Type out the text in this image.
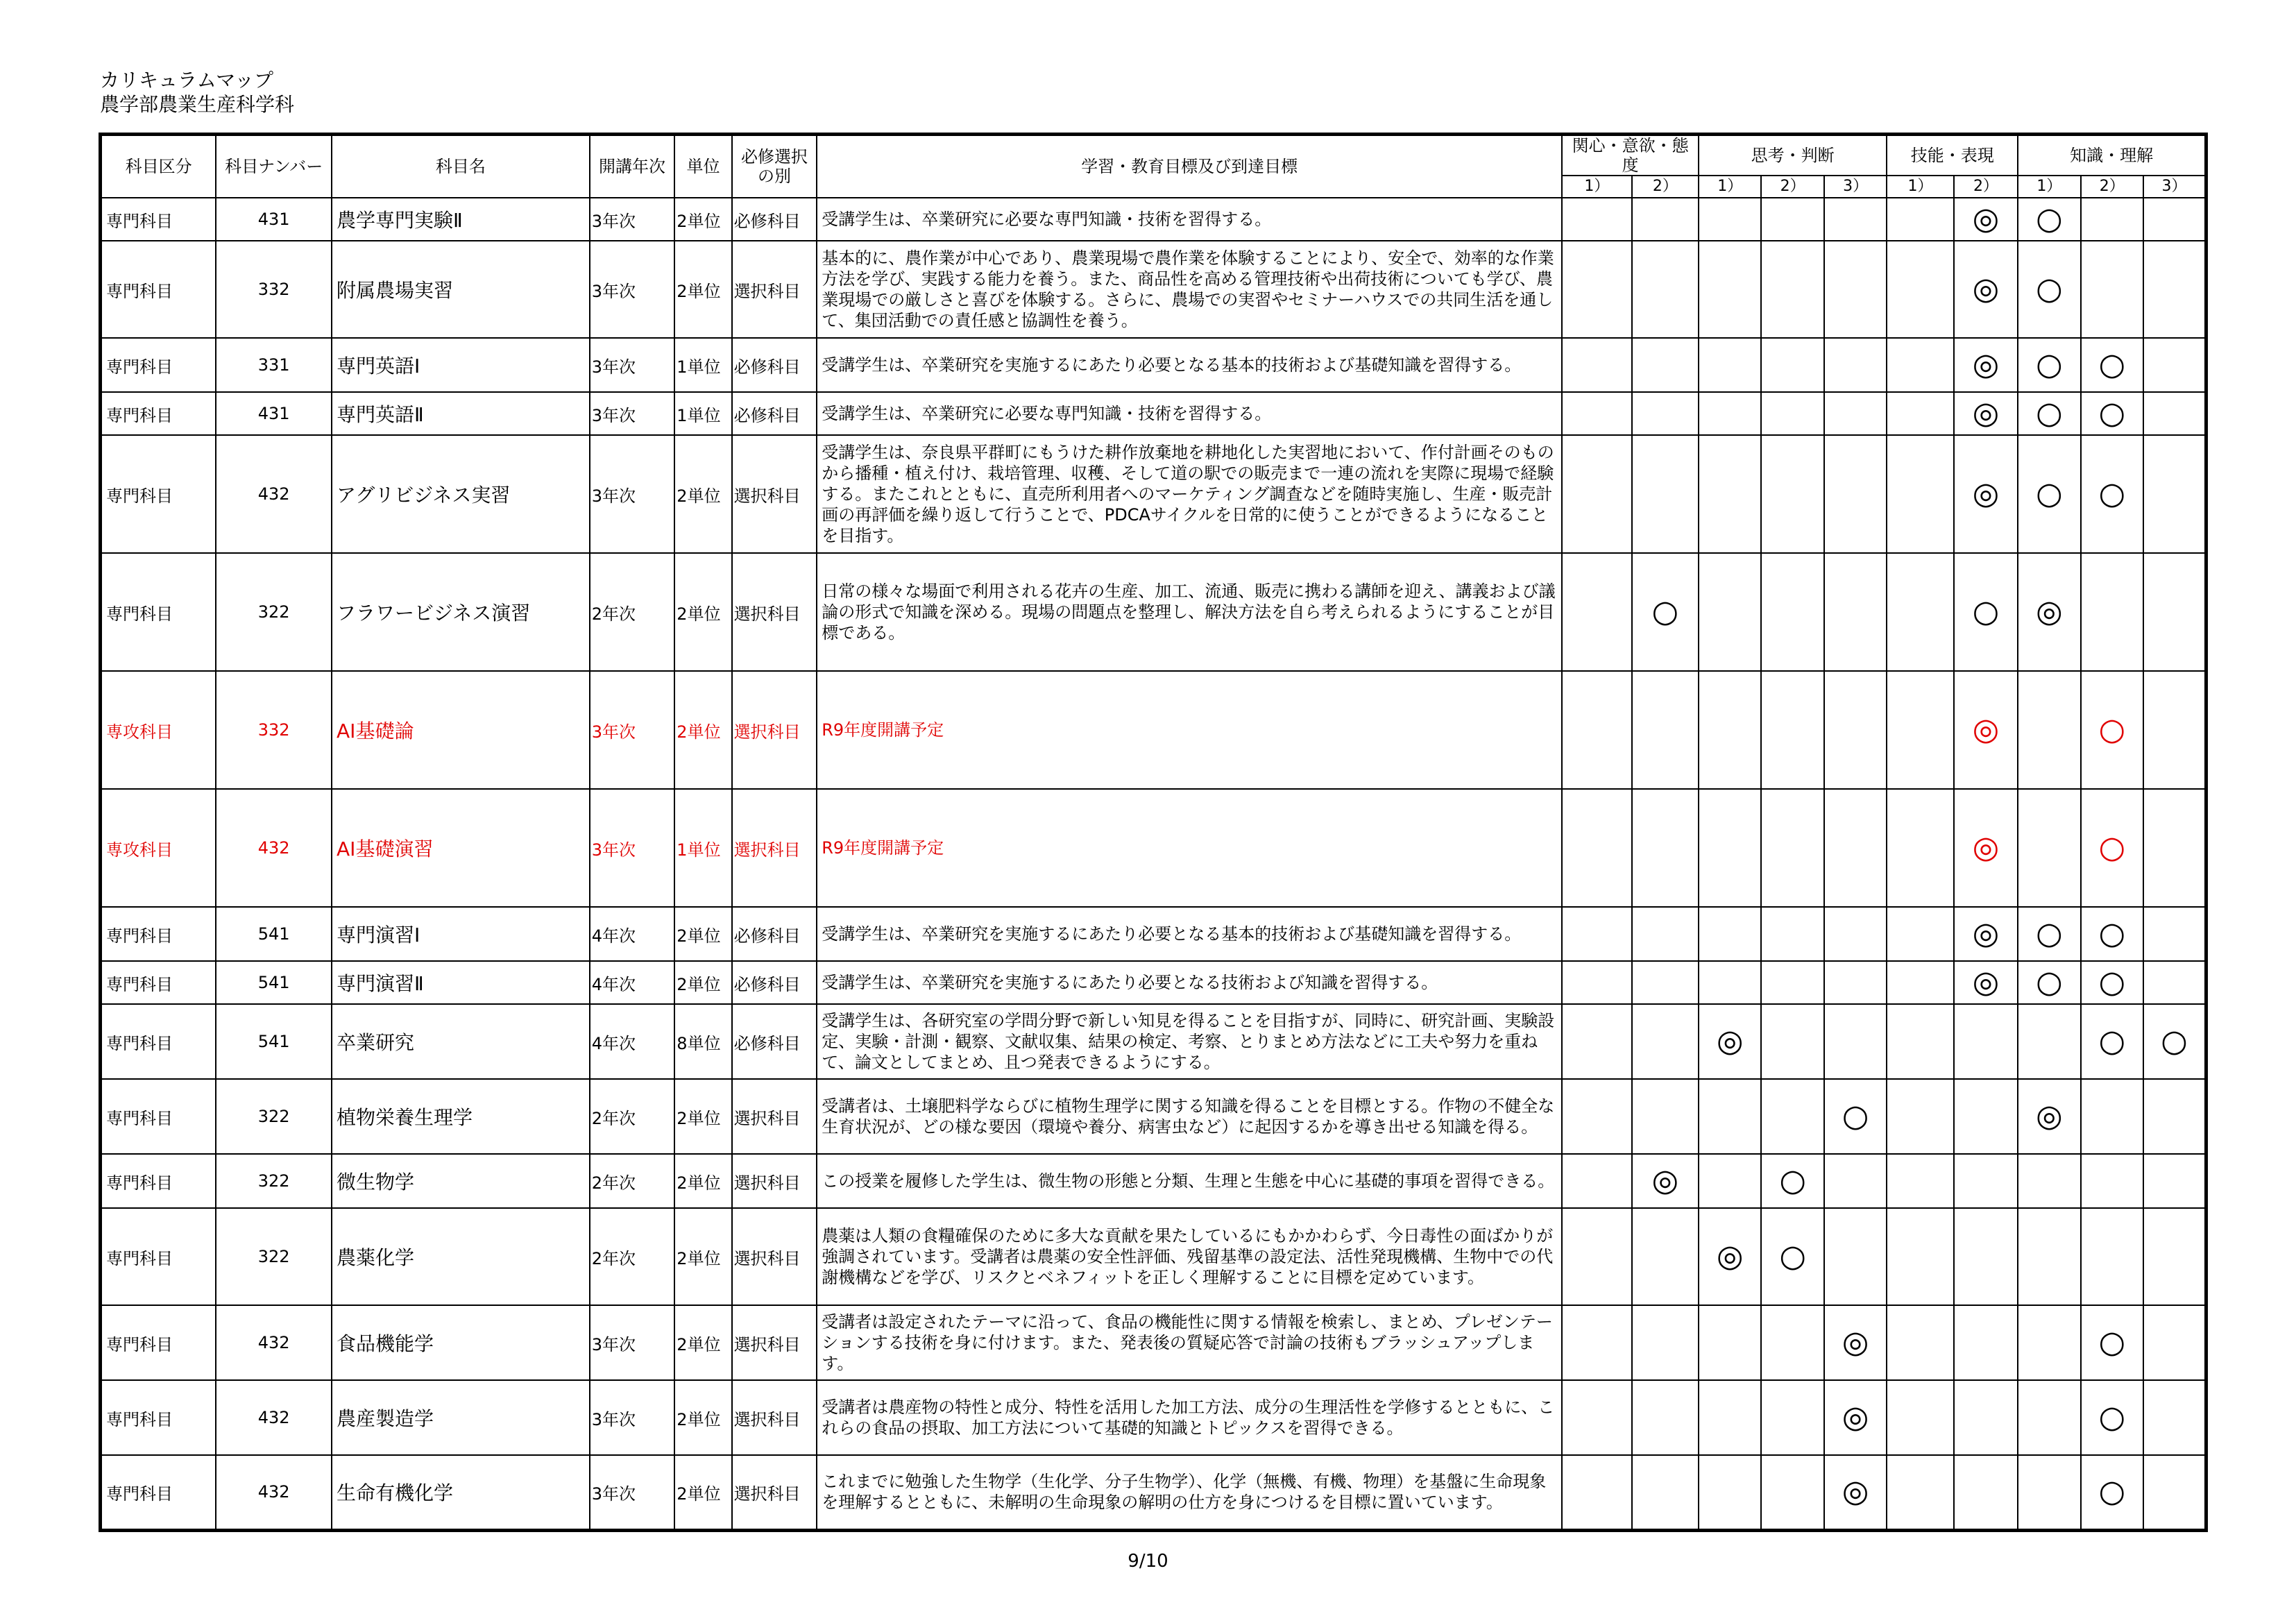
カリキュラムマップ
農学部農業生産科学科
科目区分	科目ナンバー	科目名	開講年次	単位	必修選択の別	学習・教育目標及び到達目標	関心・意欲・態度		思考・判断			技能・表現		知識・理解		
							1）	2）	1）	2）	3）	1）	2）	1）	2）	3）
専門科目	431	農学専門実験Ⅱ	3年次	2単位	必修科目	受講学生は、卒業研究に必要な専門知識・技術を習得する。							◎	○		
専門科目	332	附属農場実習	3年次	2単位	選択科目	基本的に、農作業が中心であり、農業現場で農作業を体験することにより、安全で、効率的な作業方法を学び、実践する能力を養う。また、商品性を高める管理技術や出荷技術についても学び、農業現場での厳しさと喜びを体験する。さらに、農場での実習やセミナーハウスでの共同生活を通して、集団活動での責任感と協調性を養う。							◎	○		
専門科目	331	専門英語Ⅰ	3年次	1単位	必修科目	受講学生は、卒業研究を実施するにあたり必要となる基本的技術および基礎知識を習得する。							◎	○	○	
専門科目	431	専門英語Ⅱ	3年次	1単位	必修科目	受講学生は、卒業研究に必要な専門知識・技術を習得する。							◎	○	○	
専門科目	432	アグリビジネス実習	3年次	2単位	選択科目	受講学生は、奈良県平群町にもうけた耕作放棄地を耕地化した実習地において、作付計画そのものから播種・植え付け、栽培管理、収穫、そして道の駅での販売まで一連の流れを実際に現場で経験する。またこれとともに、直売所利用者へのマーケティング調査などを随時実施し、生産・販売計画の再評価を繰り返して行うことで、PDCAサイクルを日常的に使うことができるようになることを目指す。							◎	○	○	
専門科目	322	フラワービジネス演習	2年次	2単位	選択科目	日常の様々な場面で利用される花卉の生産、加工、流通、販売に携わる講師を迎え、講義および議論の形式で知識を深める。現場の問題点を整理し、解決方法を自ら考えられるようにすることが目標である。		○					○	◎		
専攻科目	332	AI基礎論	3年次	2単位	選択科目	R9年度開講予定							◎		○	
専攻科目	432	AI基礎演習	3年次	1単位	選択科目	R9年度開講予定							◎		○	
専門科目	541	専門演習Ⅰ	4年次	2単位	必修科目	受講学生は、卒業研究を実施するにあたり必要となる基本的技術および基礎知識を習得する。							◎	○	○	
専門科目	541	専門演習Ⅱ	4年次	2単位	必修科目	受講学生は、卒業研究を実施するにあたり必要となる技術および知識を習得する。							◎	○	○	
専門科目	541	卒業研究	4年次	8単位	必修科目	受講学生は、各研究室の学問分野で新しい知見を得ることを目指すが、同時に、研究計画、実験設定、実験・計測・観察、文献収集、結果の検定、考察、とりまとめ方法などに工夫や努力を重ねて、論文としてまとめ、且つ発表できるようにする。			◎						○	○
専門科目	322	植物栄養生理学	2年次	2単位	選択科目	受講者は、土壌肥料学ならびに植物生理学に関する知識を得ることを目標とする。作物の不健全な生育状況が、どの様な要因（環境や養分、病害虫など）に起因するかを導き出せる知識を得る。					○			◎		
専門科目	322	微生物学	2年次	2単位	選択科目	この授業を履修した学生は、微生物の形態と分類、生理と生態を中心に基礎的事項を習得できる。		◎		○						
専門科目	322	農薬化学	2年次	2単位	選択科目	農薬は人類の食糧確保のために多大な貢献を果たしているにもかかわらず、今日毒性の面ばかりが強調されています。受講者は農薬の安全性評価、残留基準の設定法、活性発現機構、生物中での代謝機構などを学び、リスクとベネフィットを正しく理解することに目標を定めています。			◎	○						
専門科目	432	食品機能学	3年次	2単位	選択科目	受講者は設定されたテーマに沿って、食品の機能性に関する情報を検索し、まとめ、プレゼンテーションする技術を身に付けます。また、発表後の質疑応答で討論の技術もブラッシュアップします。					◎				○	
専門科目	432	農産製造学	3年次	2単位	選択科目	受講者は農産物の特性と成分、特性を活用した加工方法、成分の生理活性を学修するとともに、これらの食品の摂取、加工方法について基礎的知識とトピックスを習得できる。					◎				○	
専門科目	432	生命有機化学	3年次	2単位	選択科目	これまでに勉強した生物学（生化学、分子生物学）、化学（無機、有機、物理）を基盤に生命現象を理解するとともに、未解明の生命現象の解明の仕方を身につけるを目標に置いています。					◎				○	
9/10
